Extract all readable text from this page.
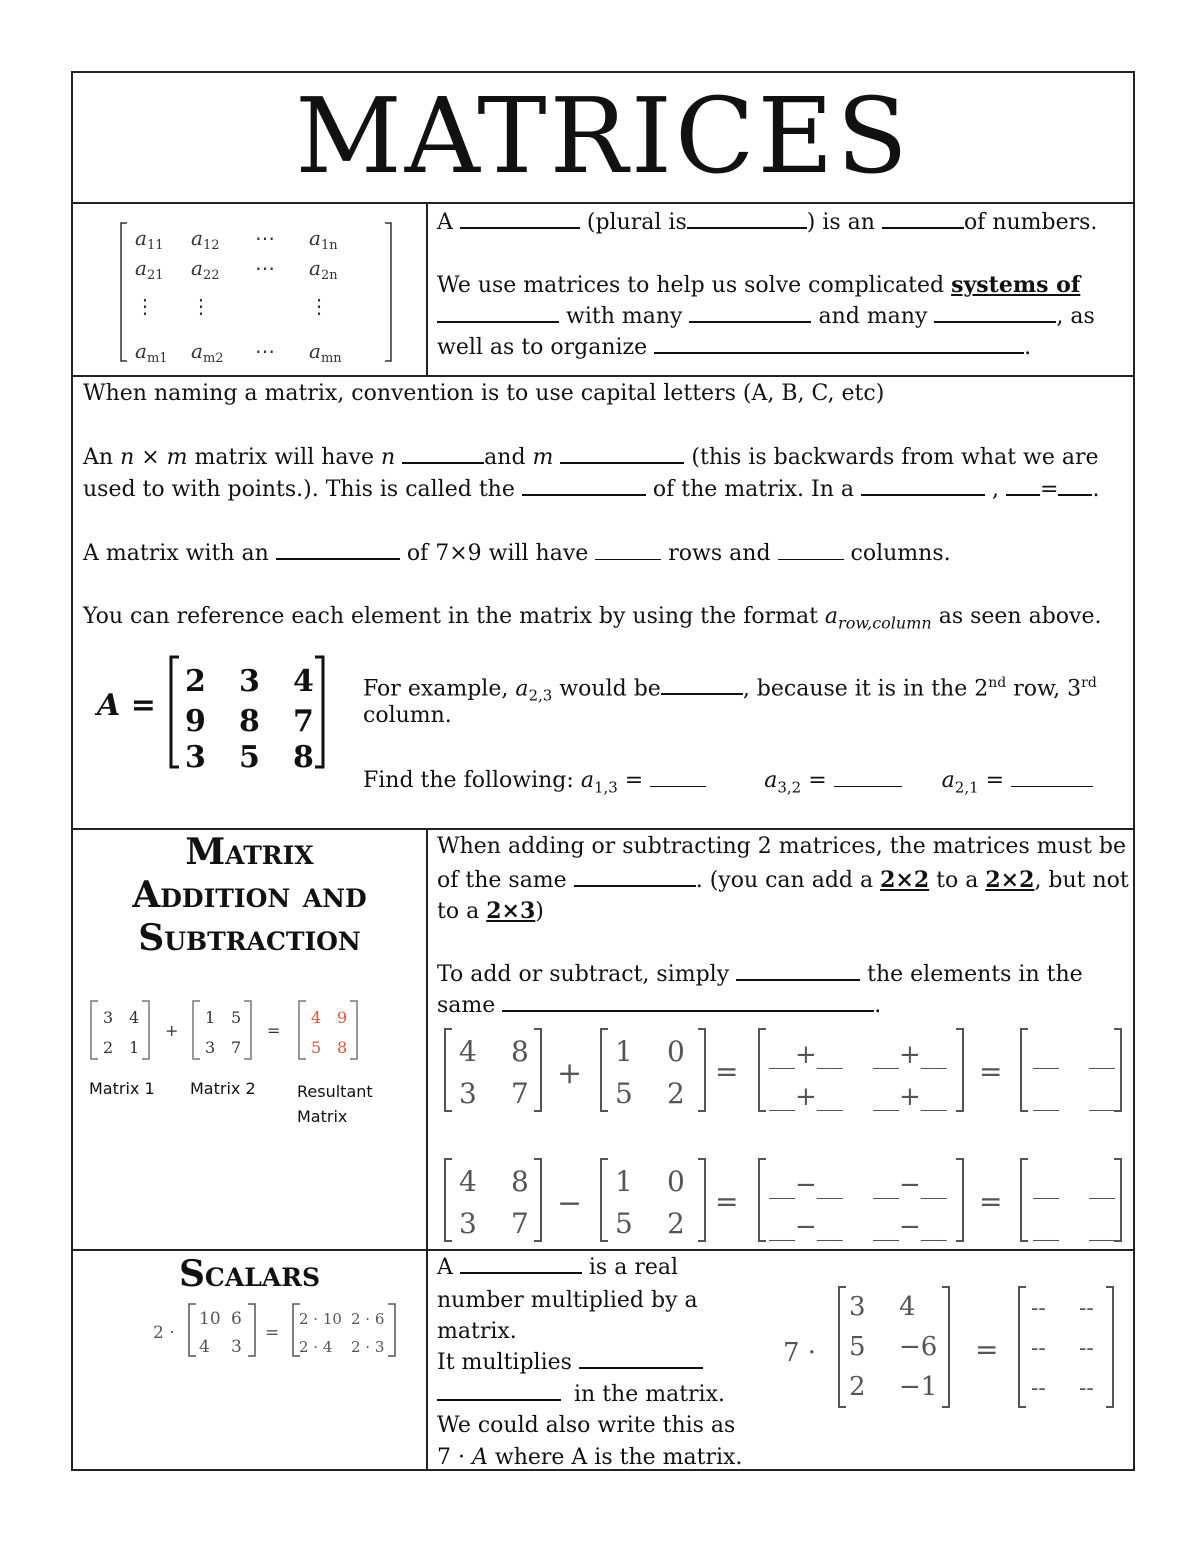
MATRICES
$a_{11}$ $a_{12}$ ⋯ $a_{1n}$
$a_{21}$ $a_{22}$ ⋯ $a_{2n}$
⋮ ⋮	⋮
$a_{m1}$ $a_{m2}$ ⋯ $a_{mn}$
A	(plural is	) is an	of numbers.
We use matrices to help us solve complicated systems of
with many	and many	, as
well as to organize	.
When naming a matrix, convention is to use capital letters (A, B, C, etc)
An n × m matrix will have n	and m	(this is backwards from what we are
used to with points.). This is called the	of the matrix. In a	, = .
A matrix with an	of 7×9 will have	rows and	columns.
You can reference each element in the matrix by using the format $a_{row,column}$ as seen above.
A =
2 3 4
9 8 7
3 5 8
For example, $a_{2,3}$ would be	, because it is in the 2nd row, 3rd
column.
Find the following: $a_{1,3}$ =	$a_{3,2}$ =	$a_{2,1}$ =
Matrix
Addition and
Subtraction
3 4
2 1
+
1 5
3 7
=
4 9
5 8
Matrix 1 Matrix 2	Resultant
Matrix
When adding or subtracting 2 matrices, the matrices must be
of the same	. (you can add a 2×2 to a 2×2, but not
to a 2×3)
To add or subtract, simply	the elements in the
same	.
4 8
3 7
+
1 0
5 2
= __+__ __+__
__+__ __+__
= __ __
__ __
4 8
3 7
−
1 0
5 2
= __−__ __−__
__−__ __−__
= __ __
__ __
Scalars
2 ·
10 6
4 3
=
2 · 10 2 · 6
2 · 4 2 · 3
A	is a real
number multiplied by a
matrix.
It multiplies
in the matrix.
We could also write this as
7 · A where A is the matrix.
7 ·
3 4
5 −6
2 −1
=
-- --
-- --
-- --
